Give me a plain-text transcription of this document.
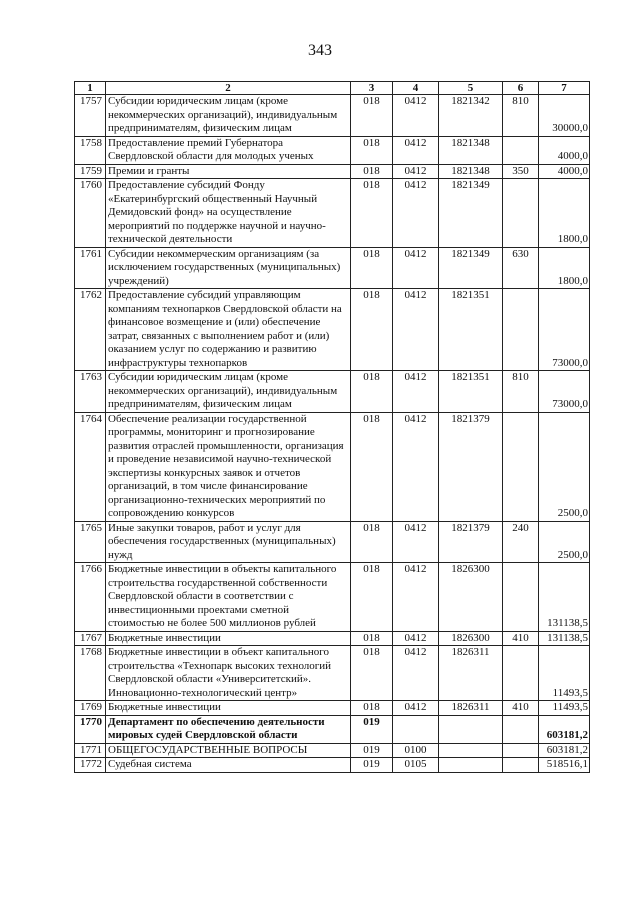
343
1	2	3	4	5	6	7
1757	Субсидии юридическим лицам (кроме некоммерческих организаций), индивидуальным предпринимателям, физическим лицам	018	0412	1821342	810	30000,0
1758	Предоставление премий Губернатора Свердловской области для молодых ученых	018	0412	1821348		4000,0
1759	Премии и гранты	018	0412	1821348	350	4000,0
1760	Предоставление субсидий Фонду «Екатеринбургский общественный Научный Демидовский фонд» на осуществление мероприятий по поддержке научной и научно-технической деятельности	018	0412	1821349		1800,0
1761	Субсидии некоммерческим организациям (за исключением государственных (муниципальных) учреждений)	018	0412	1821349	630	1800,0
1762	Предоставление субсидий управляющим компаниям технопарков Свердловской области на финансовое возмещение и (или) обеспечение затрат, связанных с выполнением работ и (или) оказанием услуг по содержанию и развитию инфраструктуры технопарков	018	0412	1821351		73000,0
1763	Субсидии юридическим лицам (кроме некоммерческих организаций), индивидуальным предпринимателям, физическим лицам	018	0412	1821351	810	73000,0
1764	Обеспечение реализации государственной программы, мониторинг и прогнозирование развития отраслей промышленности, организация и проведение независимой научно-технической экспертизы конкурсных заявок и отчетов организаций, в том числе финансирование организационно-технических мероприятий по сопровождению конкурсов	018	0412	1821379		2500,0
1765	Иные закупки товаров, работ и услуг для обеспечения государственных (муниципальных) нужд	018	0412	1821379	240	2500,0
1766	Бюджетные инвестиции в объекты капитального строительства государственной собственности Свердловской области в соответствии с инвестиционными проектами сметной стоимостью не более 500 миллионов рублей	018	0412	1826300		131138,5
1767	Бюджетные инвестиции	018	0412	1826300	410	131138,5
1768	Бюджетные инвестиции в объект капитального строительства «Технопарк высоких технологий Свердловской области «Университетский». Инновационно-технологический центр»	018	0412	1826311		11493,5
1769	Бюджетные инвестиции	018	0412	1826311	410	11493,5
1770	Департамент по обеспечению деятельности мировых судей Свердловской области	019				603181,2
1771	ОБЩЕГОСУДАРСТВЕННЫЕ ВОПРОСЫ	019	0100			603181,2
1772	Судебная система	019	0105			518516,1
